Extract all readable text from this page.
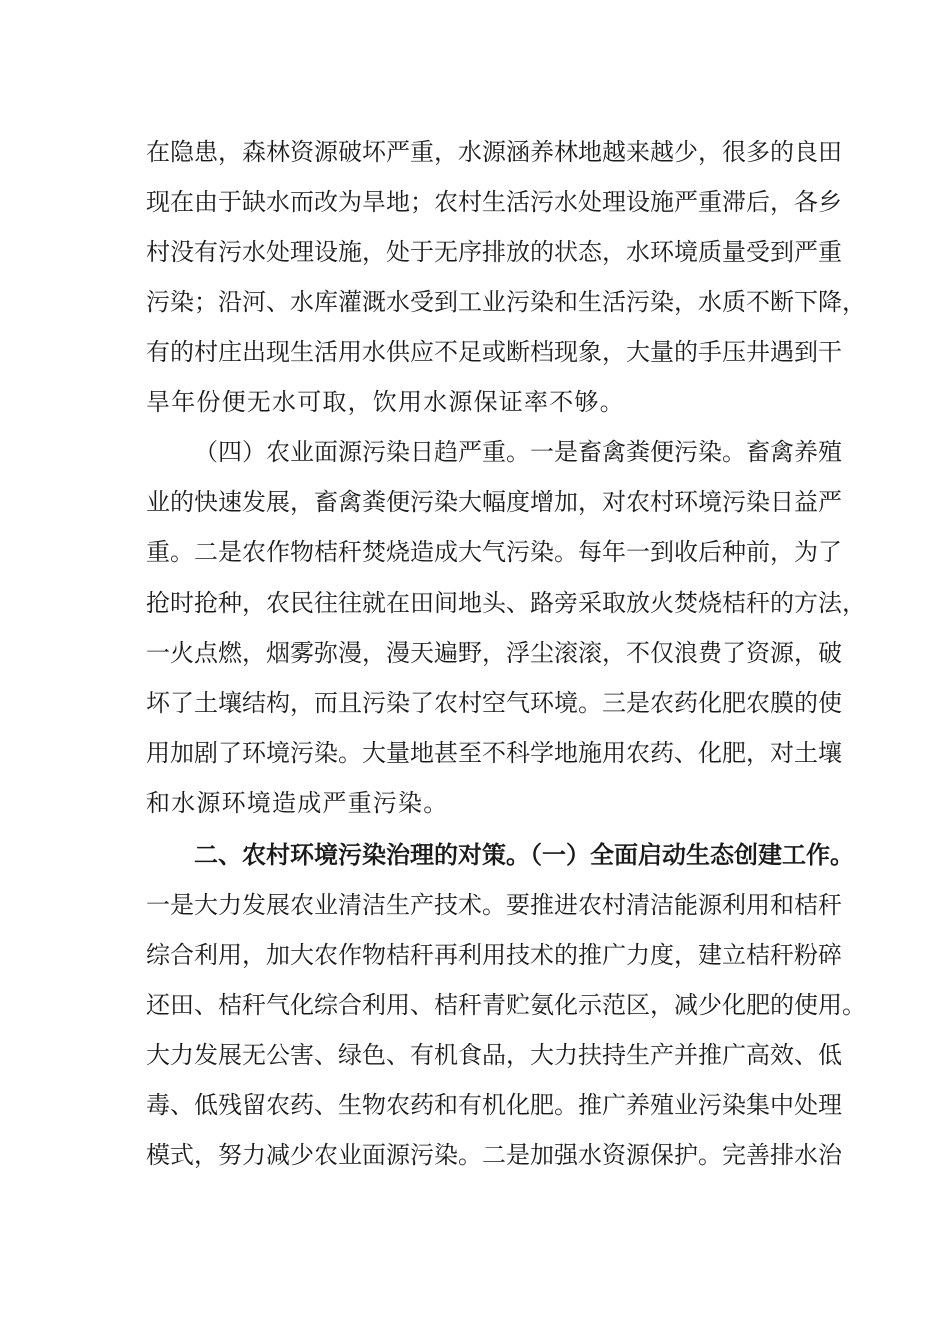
在隐患，森林资源破坏严重，水源涵养林地越来越少，很多的良田
现在由于缺水而改为旱地；农村生活污水处理设施严重滞后，各乡
村没有污水处理设施，处于无序排放的状态，水环境质量受到严重
污染；沿河、水库灌溉水受到工业污染和生活污染，水质不断下降，
有的村庄出现生活用水供应不足或断档现象，大量的手压井遇到干
旱年份便无水可取，饮用水源保证率不够。
（四）农业面源污染日趋严重。一是畜禽粪便污染。畜禽养殖
业的快速发展，畜禽粪便污染大幅度增加，对农村环境污染日益严
重。二是农作物桔秆焚烧造成大气污染。每年一到收后种前，为了
抢时抢种，农民往往就在田间地头、路旁采取放火焚烧桔秆的方法，
一火点燃，烟雾弥漫，漫天遍野，浮尘滚滚，不仅浪费了资源，破
坏了土壤结构，而且污染了农村空气环境。三是农药化肥农膜的使
用加剧了环境污染。大量地甚至不科学地施用农药、化肥，对土壤
和水源环境造成严重污染。
二、农村环境污染治理的对策。（一）全面启动生态创建工作。
一是大力发展农业清洁生产技术。要推进农村清洁能源利用和桔秆
综合利用，加大农作物桔秆再利用技术的推广力度，建立桔秆粉碎
还田、桔秆气化综合利用、桔秆青贮氨化示范区，减少化肥的使用。
大力发展无公害、绿色、有机食品，大力扶持生产并推广高效、低
毒、低残留农药、生物农药和有机化肥。推广养殖业污染集中处理
模式，努力减少农业面源污染。二是加强水资源保护。完善排水治
